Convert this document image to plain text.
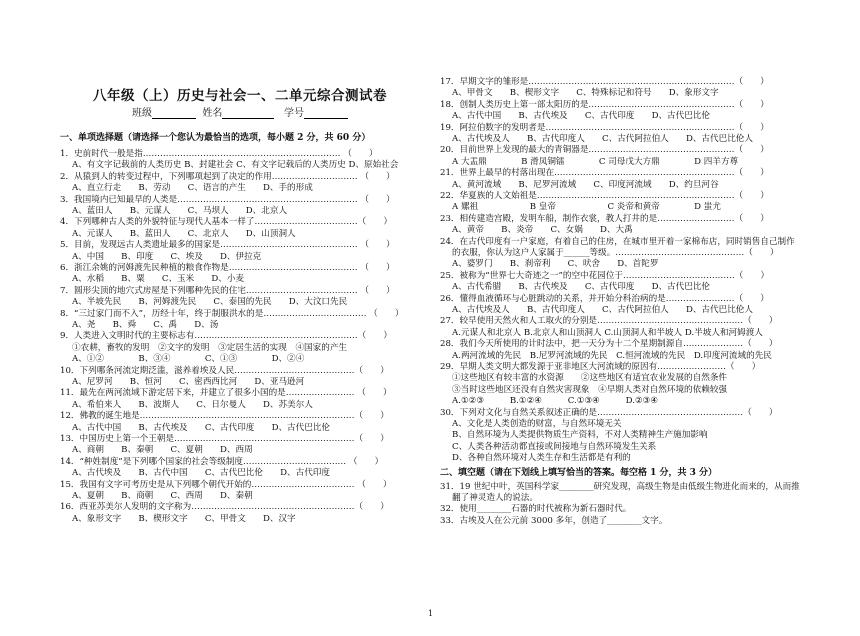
八年级（上）历史与社会一、二单元综合测试卷
班级	姓名	学号
一、单项选择题（请选择一个您认为最恰当的选项，每小题 2 分，共 60 分）
1．史前时代一般是指…………………………………………………………… （　　）
A、有文字记载前的人类历史 B、封建社会 C、有文字记载后的人类历史 D、原始社会
2．从猿到人的转变过程中，下列哪项起到了决定的作用………………………… （　　）
A、直立行走　　B、劳动　　C、语言的产生　　D、手的形成
3．我国境内已知最早的人类是……………………………………………………… （　　）
A、蓝田人　　B、元谋人　　C、马坝人　　D、北京人
4．下列哪种古人类的外貌特征与现代人基本一样了………………………………（　　）
A、元谋人　　B、蓝田人　　C、北京人　　D、山顶洞人
5．目前，发现远古人类遗址最多的国家是………………………………………… （　　）
A、中国　　B、印度　　C、埃及　　D、伊拉克
6．浙江余姚的河姆渡先民种植的粮食作物是……………………………………… （　　）
A、水稻　　B、粟　　C、玉米　　D、小麦
7．圆形尖顶的地穴式房屋是下列哪种先民的住宅………………………………… （　　）
A、半坡先民　　B、河姆渡先民　　C、泰国的先民　　D、大汶口先民
8．“三过家门而不入”，历经十年，终于制服洪水的是……………………………… （　　）
A、尧　　B、舜　　C、禹　　D、汤
9．人类进入文明时代的主要标志有…………………………………………………（　　）
①农耕，畜牧的发明　②文字的发明　③定居生活的实现　④国家的产生
A、①②　　　　B、③④　　　　C、①③　　　　D、②④
10．下列哪条河流定期泛滥，滋养着埃及人民……………………………………（　　）
A、尼罗河　　B、恒河　　C、密西西比河　　D、亚马逊河
11．最先在两河流域下游定居下来，并建立了很多小国的是…………………… （　　）
A、希伯来人　　B、波斯人　　C、日尔曼人　　D、苏美尔人
12．佛教的诞生地是…………………………………………………………………（　　）
A、古代中国　　B、古代埃及　　C、古代印度　　D、古代巴比伦
13．中国历史上第一个王朝是………………………………………………………（　　）
A、商朝　　B、秦朝　　C、夏朝　　D、西周
14．“种姓制度”是下列哪个国家的社会等级制度……………………………… （　　）
A、古代埃及　　B、古代中国　　C、古代巴比伦　　D、古代印度
15．我国有文字可考历史是从下列哪个朝代开始的……………………………… （　　）
A、夏朝　　B、商朝　　C、西周　　D、秦朝
16．西亚苏美尔人发明的文字称为…………………………………………………（　　）
A、象形文字　　B、楔形文字　　C、甲骨文　　D、汉字
17．早期文字的雏形是………………………………………………………………（　　）
A、甲骨文　　B、楔形文字　　C、特殊标记和符号　　D、象形文字
18．创制人类历史上第一部太阳历的是……………………………………………（　　）
A、古代中国　　B、古代埃及　　C、古代印度　　D、古代巴比伦
19．阿拉伯数字的发明者是…………………………………………………………（　　）
A、古代埃及人　　B、古代印度人　　C、古代阿拉伯人　　D、古代巴比伦人
20．目前世界上发现的最大的青铜器是……………………………………………（　　）
A 大盂鼎　　　　B 滑凤铜镭　　　　C 司母戊大方鼎　　　　D 四羊方尊
21．世界上最早的村落出现在………………………………………………………（　　）
A、黄河流域　　B、尼罗河流域　　C、印度河流域　　D、约旦河谷
22．华夏族的人文始祖是……………………………………………………………（　　）
A 嫘祖　　　　　　B 皇帝　　　　　　C 炎帝和黄帝　　　　D 蚩尤
23．相传建造宫殿，发明车船，制作衣裳，教人打井的是………………………（　　）
A、黄帝　　B、炎帝　　C、女娲　　D、大禹
24．在古代印度有一户家庭，有着自己的住房，在城市里开着一家棉布店，同时销售自己制作
的衣服，你认为这户人家属于______等级。………………………………………（　　）
A、婆罗门　　B、刹帝利　　C、吠舍　　D、首陀罗
25．被称为“世界七大奇迹之一”的空中花园位于…………………………………（　　）
A、古代希腊　　B、古代埃及　　C、古代印度　　D、古代巴比伦
26．懂得血液循环与心脏跳动的关系，并开始分科治病的是……………………（　　）
A、古代埃及人　　B、古代印度人　　C、古代阿拉伯人　　D、古代巴比伦人
27．较早使用天然火和人工取火的分别是……………………………………………（　　）
A.元谋人和北京人 B.北京人和山顶洞人 C.山顶洞人和半坡人 D.半坡人和河姆渡人
28．我们今天所使用的计时法中，把一天分为十二个星期制源自…………………（　　）
A.两河流域的先民　B.尼罗河流域的先民　C.恒河流域的先民　D.印度河流域的先民
29．早期人类文明大都发源于亚非地区大河流域的原因有……………………（　　）
①这些地区有较丰富的水资源　　②这些地区有适宜农业发展的自然条件
③当时这些地区还没有自然灾害现象　④早期人类对自然环境的依赖较强
A.①②③　　　B.①②④　　　C.①③④　　　D.②③④
30．下列对文化与自然关系叙述正确的是……………………………………………（　　）
A、文化是人类创造的财富，与自然环境无关
B、自然环境为人类提供物质生产资料，不对人类精神生产施加影响
C、人类各种活动都直接或间接地与自然环境发生关系
D、各种自然环境对人类生存和生活都是有利的
二、填空题（请在下划线上填写恰当的答案。每空格 1 分，共 3 分）
31．19 世纪中叶，英国科学家________研究发现，高级生物是由低级生物进化而来的，从而推
翻了神灵造人的说法。
32．使用________石器的时代被称为新石器时代。
33．古埃及人在公元前 3000 多年，创造了________文字。
1
